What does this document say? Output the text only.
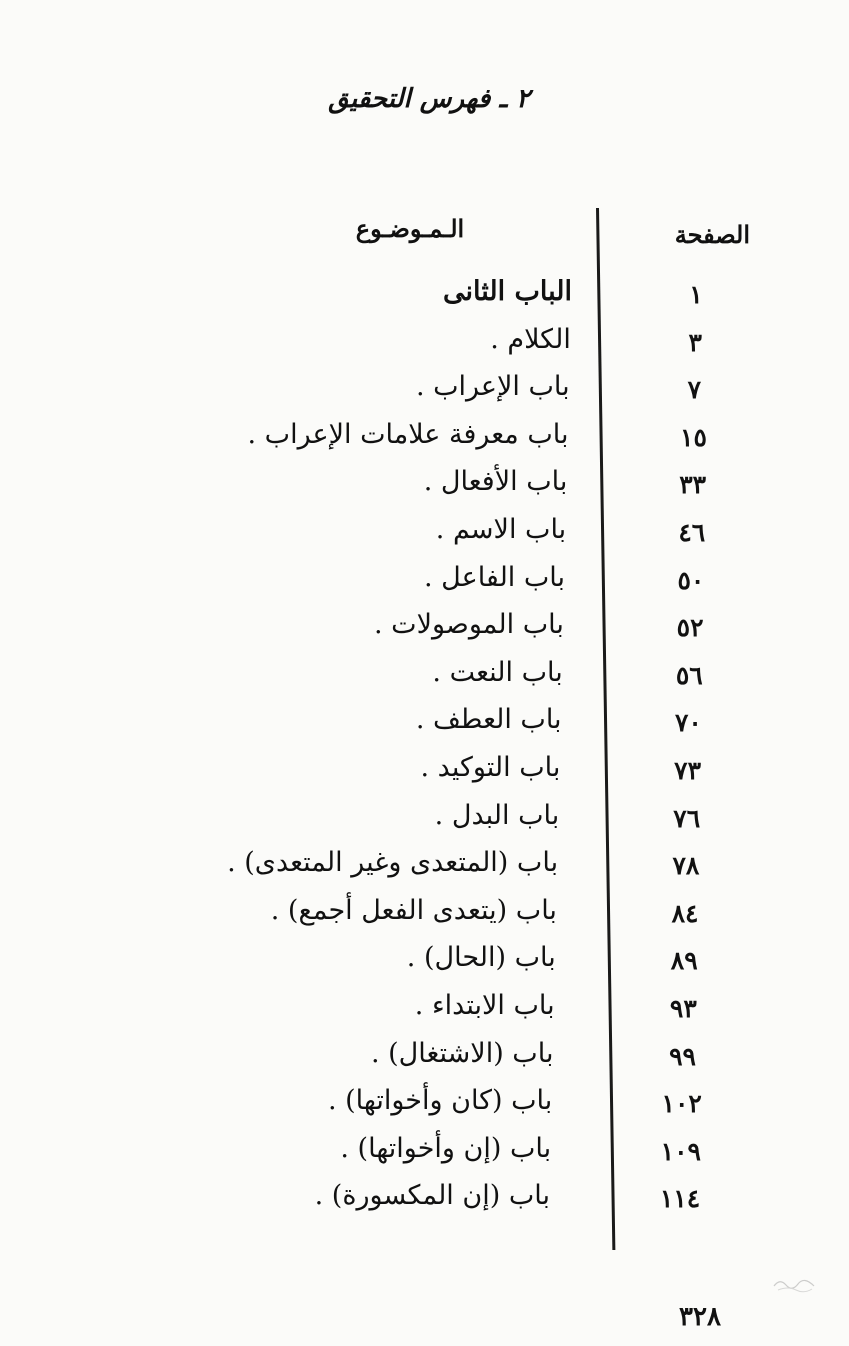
٢ ـ فهرس التحقيق
الصفحة
الـمـوضـوع
١
الباب الثانى
٣
الكلام .
٧
باب الإعراب .
١٥
باب معرفة علامات الإعراب .
٣٣
باب الأفعال .
٤٦
باب الاسم .
٥٠
باب الفاعل .
٥٢
باب الموصولات .
٥٦
باب النعت .
٧٠
باب العطف .
٧٣
باب التوكيد .
٧٦
باب البدل .
٧٨
باب (المتعدى وغير المتعدى) .
٨٤
باب (يتعدى الفعل أجمع) .
٨٩
باب (الحال) .
٩٣
باب الابتداء .
٩٩
باب (الاشتغال) .
١٠٢
باب (كان وأخواتها) .
١٠٩
باب (إن وأخواتها) .
١١٤
باب (إن المكسورة) .
٣٢٨
